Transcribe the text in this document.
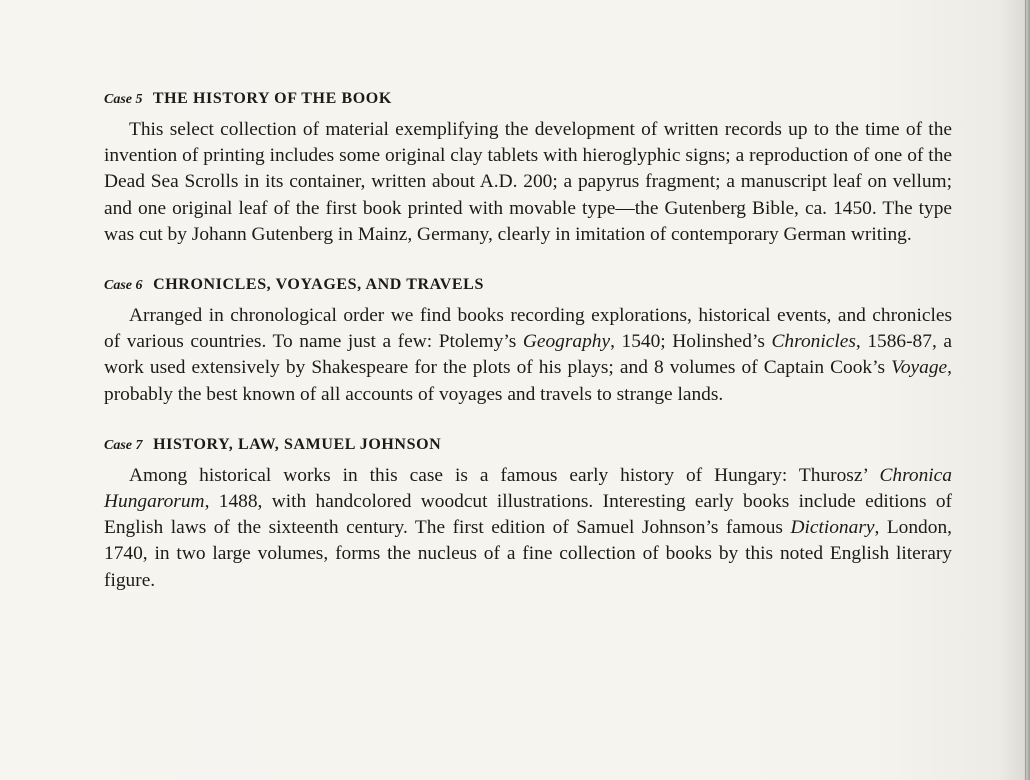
Case 5 THE HISTORY OF THE BOOK

This select collection of material exemplifying the development of written records up to the time of the invention of printing includes some original clay tablets with hieroglyphic signs; a reproduction of one of the Dead Sea Scrolls in its container, written about A.D. 200; a papyrus fragment; a manuscript leaf on vellum; and one original leaf of the first book printed with movable type—the Gutenberg Bible, ca. 1450. The type was cut by Johann Gutenberg in Mainz, Germany, clearly in imitation of contemporary German writing.

Case 6 CHRONICLES, VOYAGES, AND TRAVELS

Arranged in chronological order we find books recording explorations, historical events, and chronicles of various countries. To name just a few: Ptolemy’s Geography, 1540; Holinshed’s Chronicles, 1586-87, a work used extensively by Shakespeare for the plots of his plays; and 8 volumes of Captain Cook’s Voyage, probably the best known of all accounts of voyages and travels to strange lands.

Case 7 HISTORY, LAW, SAMUEL JOHNSON

Among historical works in this case is a famous early history of Hungary: Thurosz’ Chronica Hungarorum, 1488, with handcolored woodcut illustrations. Interesting early books include editions of English laws of the sixteenth century. The first edition of Samuel Johnson’s famous Dictionary, London, 1740, in two large volumes, forms the nucleus of a fine collection of books by this noted English literary figure.
